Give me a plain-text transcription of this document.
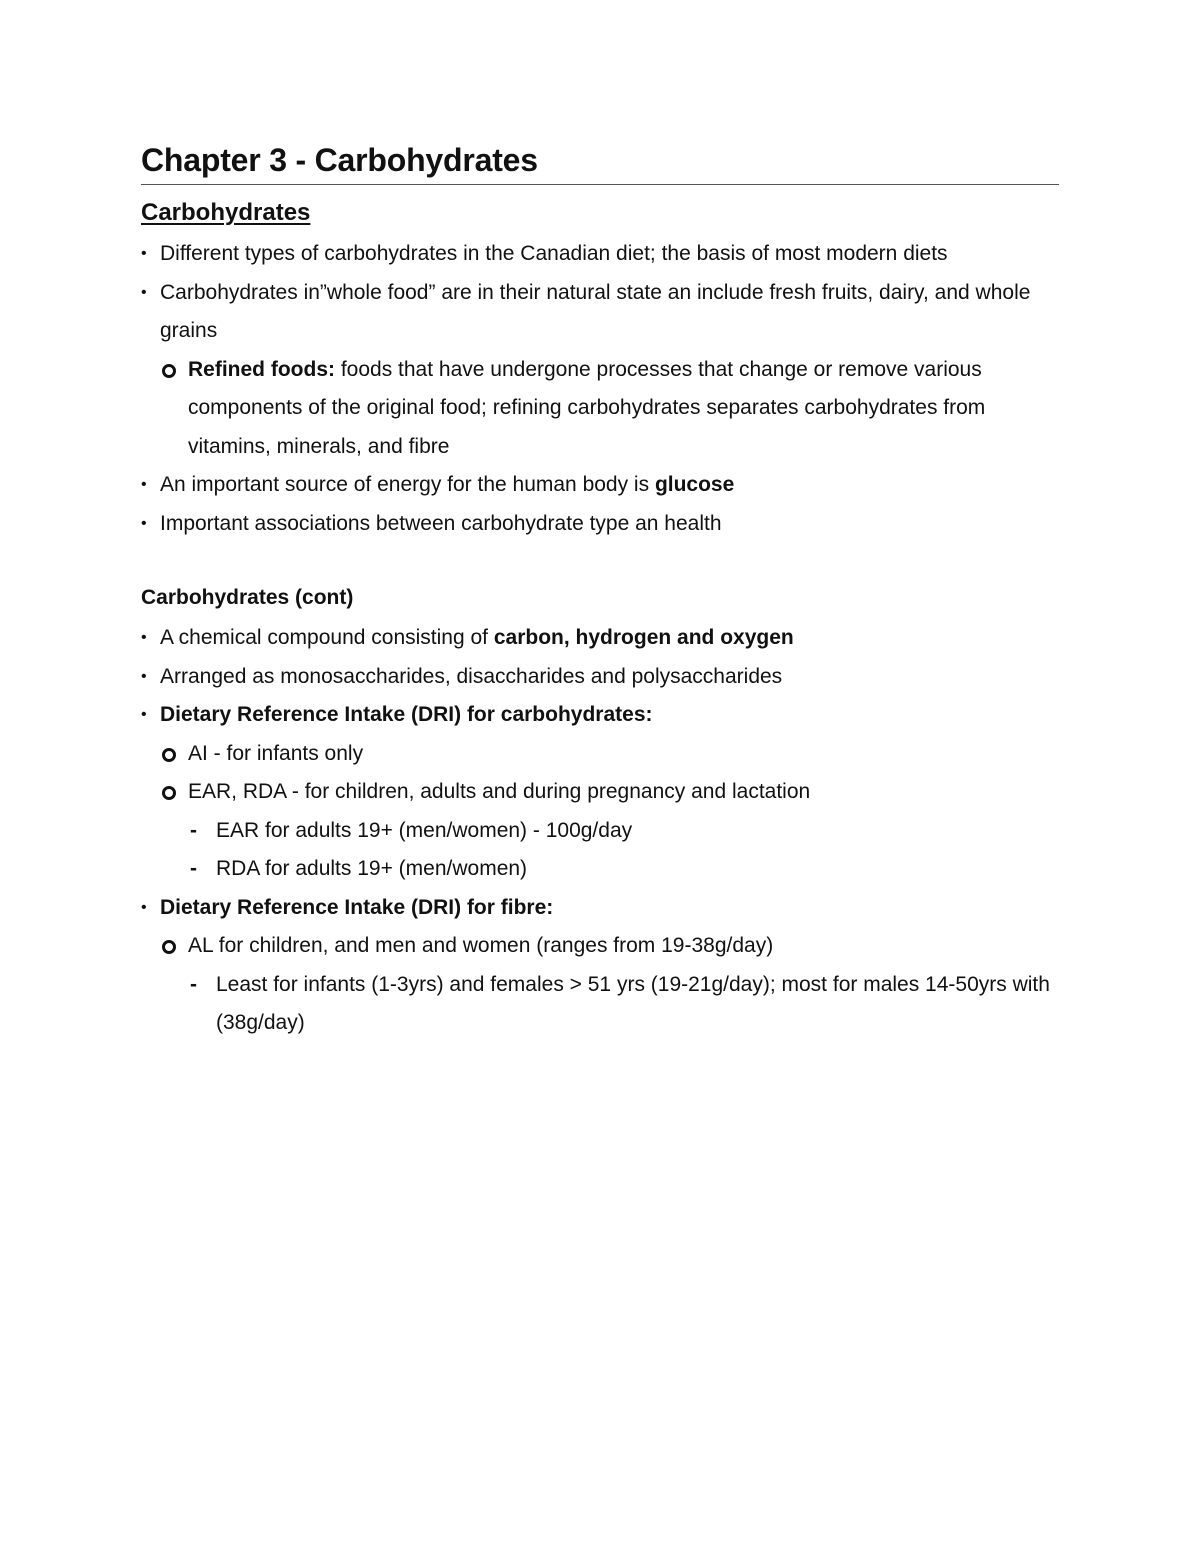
Chapter 3 - Carbohydrates
Carbohydrates
• Different types of carbohydrates in the Canadian diet; the basis of most modern diets
• Carbohydrates in”whole food” are in their natural state an include fresh fruits, dairy, and whole grains
Refined foods: foods that have undergone processes that change or remove various components of the original food; refining carbohydrates separates carbohydrates from vitamins, minerals, and fibre
• An important source of energy for the human body is glucose
• Important associations between carbohydrate type an health
Carbohydrates (cont)
• A chemical compound consisting of carbon, hydrogen and oxygen
• Arranged as monosaccharides, disaccharides and polysaccharides
• Dietary Reference Intake (DRI) for carbohydrates:
AI - for infants only
EAR, RDA - for children, adults and during pregnancy and lactation
- EAR for adults 19+ (men/women) - 100g/day
- RDA for adults 19+ (men/women)
• Dietary Reference Intake (DRI) for fibre:
AL for children, and men and women (ranges from 19-38g/day)
- Least for infants (1-3yrs) and females > 51 yrs (19-21g/day); most for males 14-50yrs with (38g/day)
